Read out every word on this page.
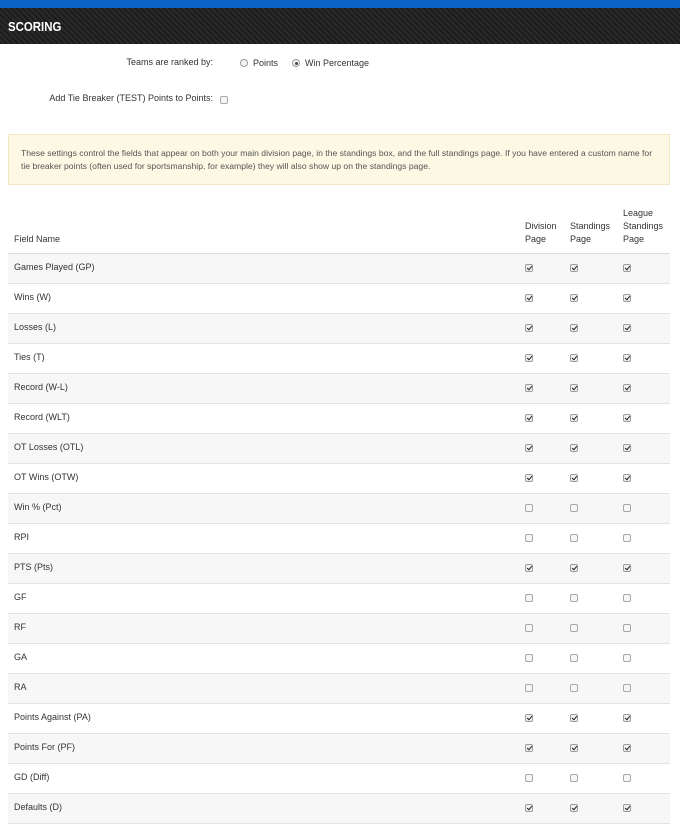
SCORING
Teams are ranked by:	Points	Win Percentage
Add Tie Breaker (TEST) Points to Points:
These settings control the fields that appear on both your main division page, in the standings box, and the full standings page. If you have entered a custom name for tie breaker points (often used for sportsmanship, for example) they will also show up on the standings page.
Field Name
Division
Page
Standings
Page
League
Standings
Page
Games Played (GP)
Wins (W)
Losses (L)
Ties (T)
Record (W-L)
Record (WLT)
OT Losses (OTL)
OT Wins (OTW)
Win % (Pct)
RPI
PTS (Pts)
GF
RF
GA
RA
Points Against (PA)
Points For (PF)
GD (Diff)
Defaults (D)
